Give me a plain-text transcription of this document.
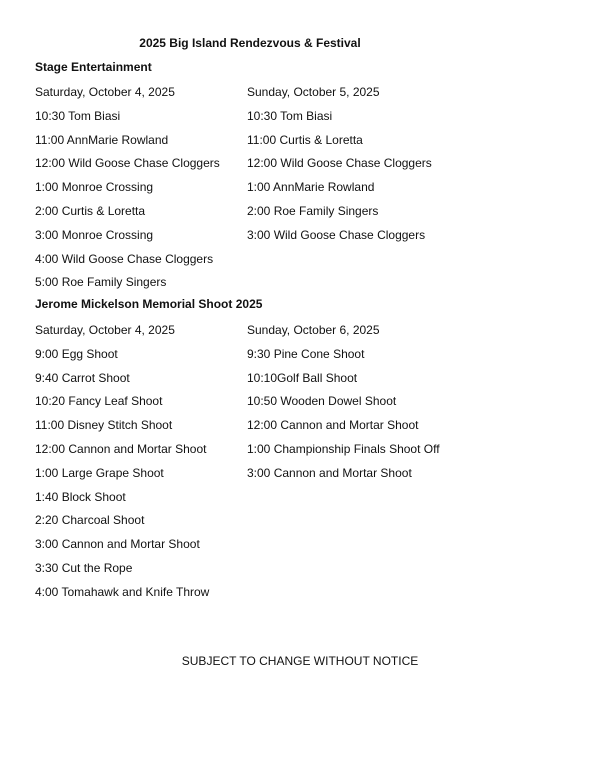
2025 Big Island Rendezvous & Festival
Stage Entertainment
Saturday, October 4, 2025
10:30 Tom Biasi
11:00 AnnMarie Rowland
12:00 Wild Goose Chase Cloggers
1:00 Monroe Crossing
2:00 Curtis & Loretta
3:00 Monroe Crossing
4:00 Wild Goose Chase Cloggers
5:00 Roe Family Singers
Sunday, October 5, 2025
10:30 Tom Biasi
11:00 Curtis & Loretta
12:00 Wild Goose Chase Cloggers
1:00 AnnMarie Rowland
2:00 Roe Family Singers
3:00 Wild Goose Chase Cloggers
Jerome Mickelson Memorial Shoot 2025
Saturday, October 4, 2025
9:00 Egg Shoot
9:40 Carrot Shoot
10:20 Fancy Leaf Shoot
11:00 Disney Stitch Shoot
12:00 Cannon and Mortar Shoot
1:00 Large Grape Shoot
1:40 Block Shoot
2:20 Charcoal Shoot
3:00 Cannon and Mortar Shoot
3:30 Cut the Rope
4:00 Tomahawk and Knife Throw
Sunday, October 6, 2025
9:30 Pine Cone Shoot
10:10Golf Ball Shoot
10:50 Wooden Dowel Shoot
12:00 Cannon and Mortar Shoot
1:00 Championship Finals Shoot Off
3:00 Cannon and Mortar Shoot
SUBJECT TO CHANGE WITHOUT NOTICE
